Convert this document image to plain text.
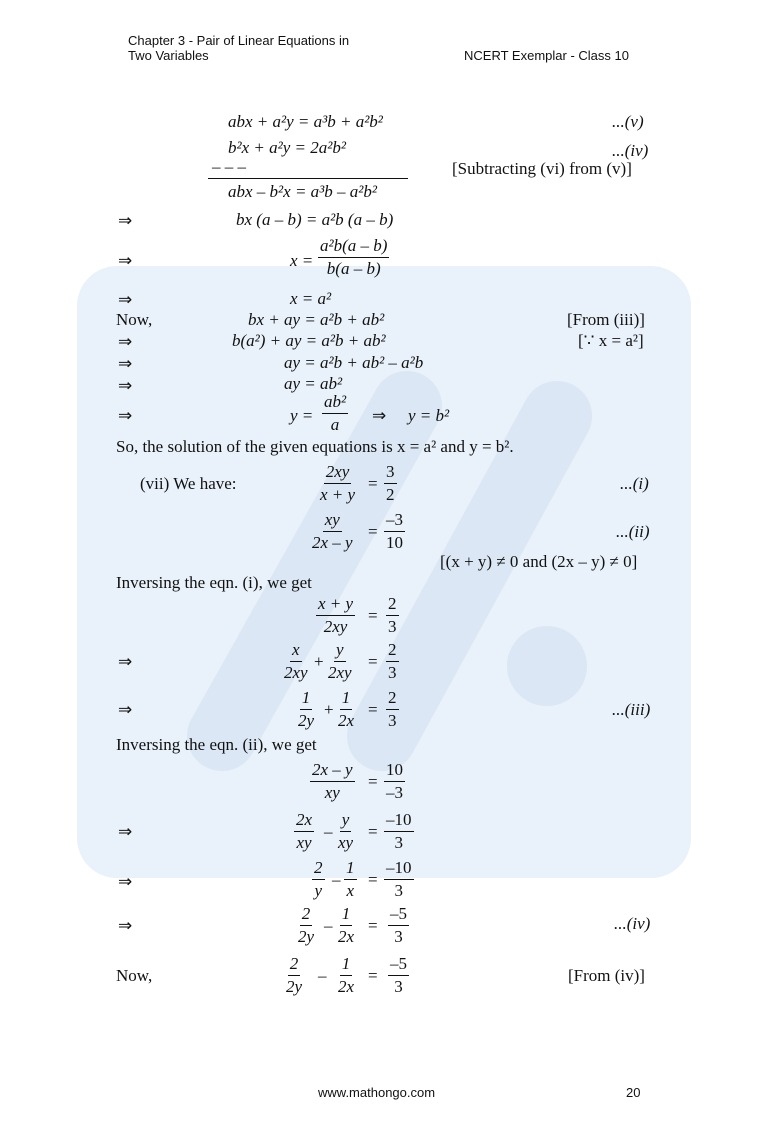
Chapter 3 - Pair of Linear Equations in
Two Variables	NCERT Exemplar - Class 10
abx + a²y = a³b + a²b²	...(v)
b²x + a²y = 2a²b²	...(iv)
– – –	[Subtracting (vi) from (v)]
abx – b²x = a³b – a²b²
⇒	bx (a – b) = a²b (a – b)
⇒	$x = \frac{\text{a²b(a – b)}}{b(a - b)}$
⇒	x = a²
Now,	bx + ay = a²b + ab²	[From (iii)]
⇒	b(a²) + ay = a²b + ab²	[∵ x = a²]
⇒	ay = a²b + ab² – a²b
⇒	ay = ab²
⇒	$y = \frac{\text{ab²}}{a}$ ⇒ y = b²
So, the solution of the given equations is x = a² and y = b².
(vii) We have:	$\frac{2xy}{x + y} = \frac{3}{2}$	...(i)
$\frac{xy}{2x - y} = \frac{-3}{10}$	...(ii)
[(x + y) ≠ 0 and (2x – y) ≠ 0]
Inversing the eqn. (i), we get
$\frac{x + y}{2xy} = \frac{2}{3}$
⇒	$\frac{x}{2xy} + \frac{y}{2xy} = \frac{2}{3}$
⇒	$\frac{1}{2y} + \frac{1}{2x} = \frac{2}{3}$	...(iii)
Inversing the eqn. (ii), we get
$\frac{2x - y}{xy} = \frac{10}{-3}$
⇒	$\frac{2x}{xy} - \frac{y}{xy} = \frac{-10}{3}$
⇒	$\frac{2}{y} - \frac{1}{x} = \frac{-10}{3}$
⇒	$\frac{2}{2y} - \frac{1}{2x} = \frac{-5}{3}$	...(iv)
Now,	$\frac{2}{2y} - \frac{1}{2x} = \frac{-5}{3}$	[From (iv)]
www.mathongo.com	20
